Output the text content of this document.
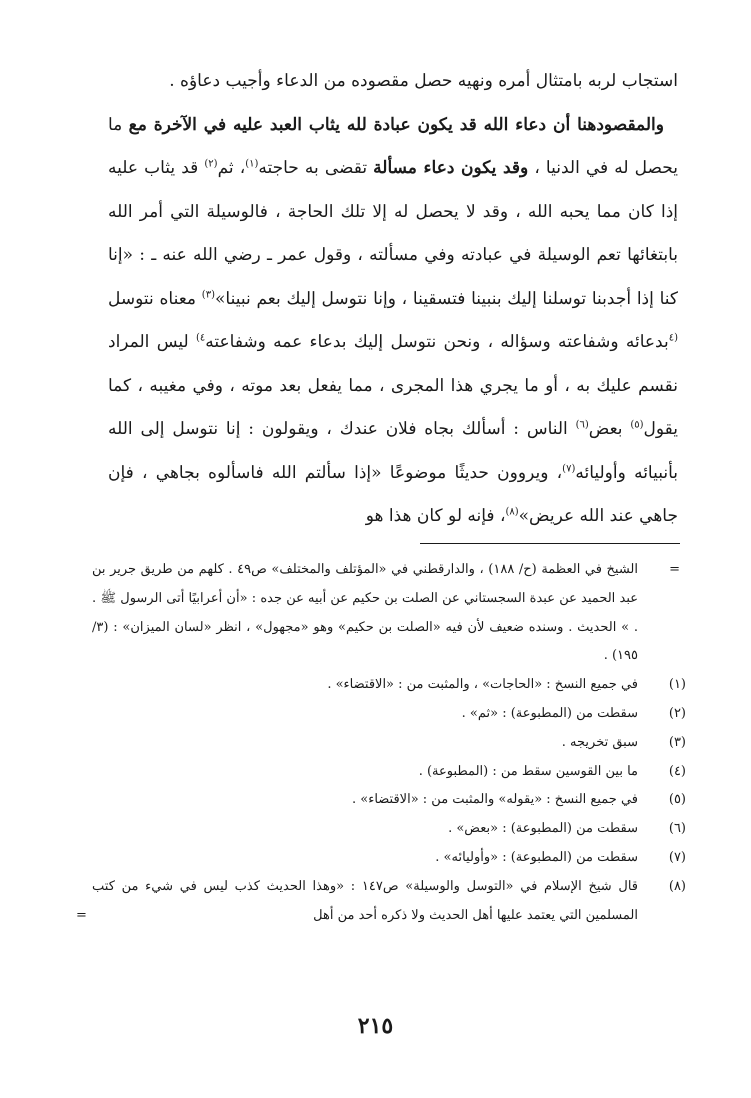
استجاب لربه بامتثال أمره ونهيه حصل مقصوده من الدعاء وأجيب دعاؤه .

والمقصودهنا أن دعاء الله قد يكون عبادة لله يثاب العبد عليه في الآخرة مع ما يحصل له في الدنيا ، وقد يكون دعاء مسألة تقضى به حاجته$^{(١)}$، ثم$^{(٢)}$ قد يثاب عليه إذا كان مما يحبه الله ، وقد لا يحصل له إلا تلك الحاجة ، فالوسيلة التي أمر الله بابتغائها تعم الوسيلة في عبادته وفي مسألته ، وقول عمر ـ رضي الله عنه ـ : «إنا كنا إذا أجدبنا توسلنا إليك بنبينا فتسقينا ، وإنا نتوسل إليك بعم نبينا»$^{(٣)}$ معناه نتوسل $^{(٤}$بدعائه وشفاعته وسؤاله ، ونحن نتوسل إليك بدعاء عمه وشفاعته$^{٤)}$ ليس المراد نقسم عليك به ، أو ما يجري هذا المجرى ، مما يفعل بعد موته ، وفي مغيبه ، كما يقول$^{(٥)}$ بعض$^{(٦)}$ الناس : أسألك بجاه فلان عندك ، ويقولون : إنا نتوسل إلى الله بأنبيائه وأوليائه$^{(٧)}$، ويروون حديثًا موضوعًا «إذا سألتم الله فاسألوه بجاهي ، فإن جاهي عند الله عريض»$^{(٨)}$، فإنه لو كان هذا هو

=
الشيخ في العظمة (ح/ ١٨٨) ، والدارقطني في «المؤتلف والمختلف» ص٤٩ . كلهم من طريق جرير بن عبد الحميد عن عبدة السجستاني عن الصلت بن حكيم عن أبيه عن جده : «أن أعرابيًا أتى الرسول ﷺ . . » الحديث . وسنده ضعيف لأن فيه «الصلت بن حكيم» وهو «مجهول» ، انظر «لسان الميزان» : (٣/ ١٩٥) .
(١)
في جميع النسخ : «الحاجات» ، والمثبت من : «الاقتضاء» .
(٢)
سقطت من (المطبوعة) : «ثم» .
(٣)
سبق تخريجه .
(٤)
ما بين القوسين سقط من : (المطبوعة) .
(٥)
في جميع النسخ : «يقوله» والمثبت من : «الاقتضاء» .
(٦)
سقطت من (المطبوعة) : «بعض» .
(٧)
سقطت من (المطبوعة) : «وأوليائه» .
(٨)
قال شيخ الإسلام في «التوسل والوسيلة» ص١٤٧ : «وهذا الحديث كذب ليس في شيء من كتب المسلمين التي يعتمد عليها أهل الحديث ولا ذكره أحد من أهل
=
٢١٥
